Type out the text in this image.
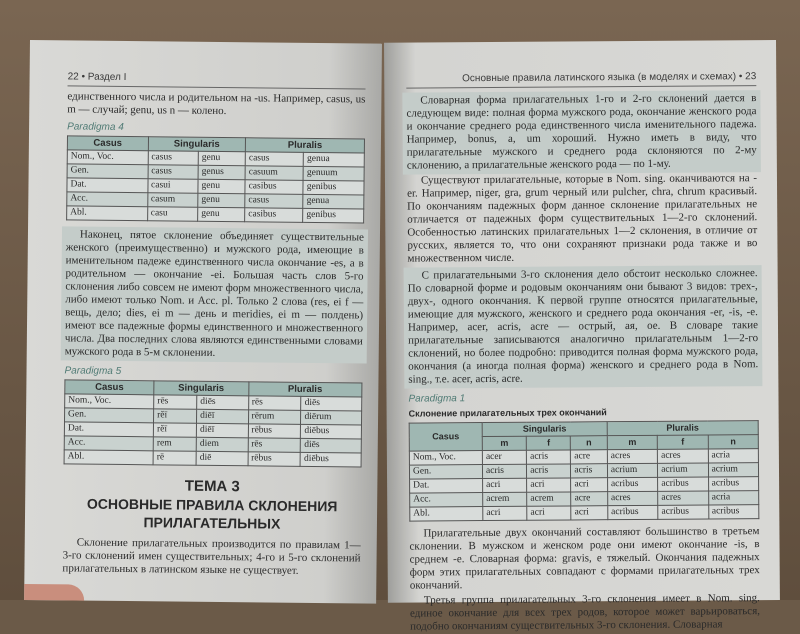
22 • Раздел I

единственного числа и родительном на -us. Например, casus, us m — случай; genu, us n — колено.

Paradigma 4
Casus	Singularis		Pluralis	
Nom., Voc.	casus	genu	casus	genua
Gen.	casus	genus	casuum	genuum
Dat.	casui	genu	casibus	genibus
Acc.	casum	genu	casus	genua
Abl.	casu	genu	casibus	genibus

Наконец, пятое склонение объединяет существительные женского (преимущественно) и мужского рода, имеющие в именительном падеже единственного числа окончание -es, а в родительном — окончание -ei. Большая часть слов 5-го склонения либо совсем не имеют форм множественного числа, либо имеют только Nom. и Acc. pl. Только 2 слова (res, ei f — вещь, дело; dies, ei m — день и meridies, ei m — полдень) имеют все падежные формы единственного и множественного числа. Два последних слова являются единственными словами мужского рода в 5-м склонении.

Paradigma 5
Casus	Singularis		Pluralis	
Nom., Voc.	rēs	diēs	rēs	diēs
Gen.	rĕī	diēī	rērum	diērum
Dat.	rĕī	diēī	rēbus	diēbus
Acc.	rem	diem	rēs	diēs
Abl.	rē	diē	rēbus	diēbus
ТЕМА 3
ОСНОВНЫЕ ПРАВИЛА СКЛОНЕНИЯ ПРИЛАГАТЕЛЬНЫХ

Склонение прилагательных производится по правилам 1—3-го склонений имен существительных; 4-го и 5-го склонений прилагательных в латинском языке не существует.

Основные правила латинского языка (в моделях и схемах) • 23

Словарная форма прилагательных 1-го и 2-го склонений дается в следующем виде: полная форма мужского рода, окончание женского рода и окончание среднего рода единственного числа именительного падежа. Например, bonus, a, um хороший. Нужно иметь в виду, что прилагательные мужского и среднего рода склоняются по 2-му склонению, а прилагательные женского рода — по 1-му.

Существуют прилагательные, которые в Nom. sing. оканчиваются на -er. Например, niger, gra, grum черный или pulcher, chra, chrum красивый. По окончаниям падежных форм данное склонение прилагательных не отличается от падежных форм существительных 1—2-го склонений. Особенностью латинских прилагательных 1—2 склонения, в отличие от русских, является то, что они сохраняют признаки рода также и во множественном числе.

С прилагательными 3-го склонения дело обстоит несколько сложнее. По словарной форме и родовым окончаниям они бывают 3 видов: трех-, двух-, одного окончания. К первой группе относятся прилагательные, имеющие для мужского, женского и среднего рода окончания -er, -is, -e. Например, acer, acris, acre — острый, ая, ое. В словаре такие прилагательные записываются аналогично прилагательным 1—2-го склонений, но более подробно: приводится полная форма мужского рода, окончания (а иногда полная форма) женского и среднего рода в Nom. sing., т.е. acer, acris, acre.

Paradigma 1
Склонение прилагательных трех окончаний
Casus	Singularis			Pluralis		
	m	f	n	m	f	n
Nom., Voc.	acer	acris	acre	acres	acres	acria
Gen.	acris	acris	acris	acrium	acrium	acrium
Dat.	acri	acri	acri	acribus	acribus	acribus
Acc.	acrem	acrem	acre	acres	acres	acria
Abl.	acri	acri	acri	acribus	acribus	acribus

Прилагательные двух окончаний составляют большинство в третьем склонении. В мужском и женском роде они имеют окончание -is, в среднем -e. Словарная форма: gravis, e тяжелый. Окончания падежных форм этих прилагательных совпадают с формами прилагательных трех окончаний.

Третья группа прилагательных 3-го склонения имеет в Nom. sing. единое окончание для всех трех родов, которое может варьироваться, подобно окончаниям существительных 3-го склонения. Словарная
